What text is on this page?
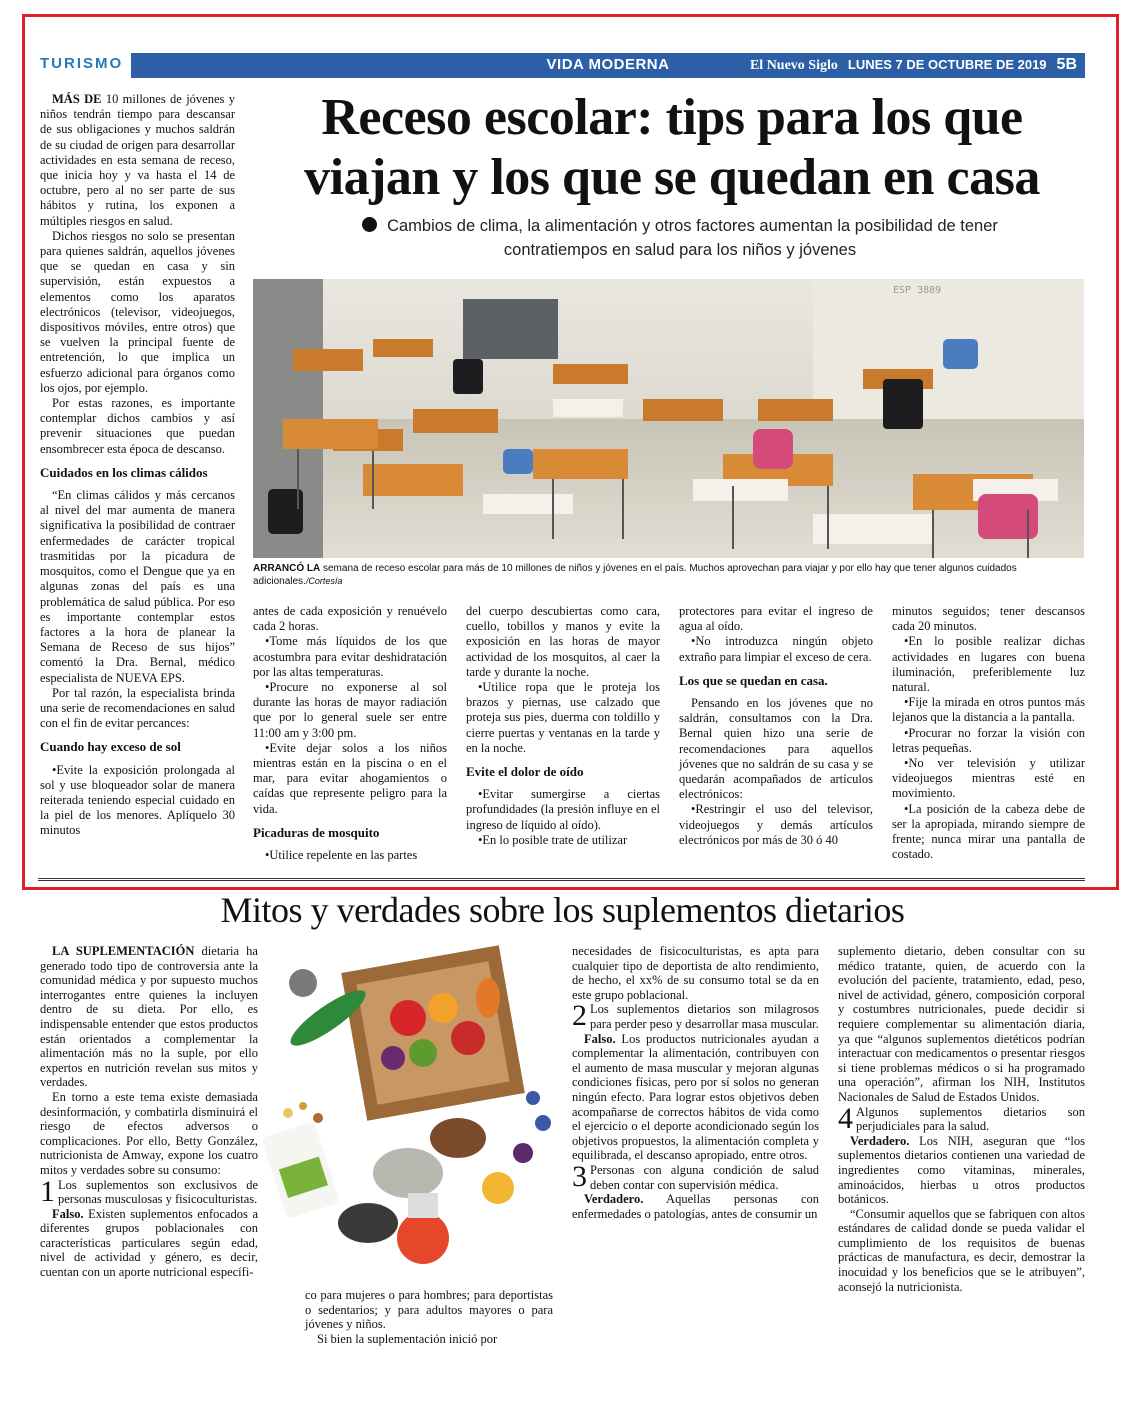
TURISMO	VIDA MODERNA	El Nuevo Siglo LUNES 7 DE OCTUBRE DE 2019 5B

MÁS DE 10 millones de jóvenes y niños tendrán tiempo para descansar de sus obligaciones y muchos saldrán de su ciudad de origen para desarrollar actividades en esta semana de receso, que inicia hoy y va hasta el 14 de octubre, pero al no ser parte de sus hábitos y rutina, los exponen a múltiples riesgos en salud.

Dichos riesgos no solo se presentan para quienes saldrán, aquellos jóvenes que se quedan en casa y sin supervisión, están expuestos a elementos como los aparatos electrónicos (televisor, videojuegos, dispositivos móviles, entre otros) que se vuelven la principal fuente de entretención, lo que implica un esfuerzo adicional para órganos como los ojos, por ejemplo.

Por estas razones, es importante contemplar dichos cambios y así prevenir situaciones que puedan ensombrecer esta época de descanso.

Cuidados en los climas cálidos

“En climas cálidos y más cercanos al nivel del mar aumenta de manera significativa la posibilidad de contraer enfermedades de carácter tropical trasmitidas por la picadura de mosquitos, como el Dengue que ya en algunas zonas del país es una problemática de salud pública. Por eso es importante contemplar estos factores a la hora de planear la Semana de Receso de sus hijos” comentó la Dra. Bernal, médico especialista de NUEVA EPS.

Por tal razón, la especialista brinda una serie de recomendaciones en salud con el fin de evitar percances:

Cuando hay exceso de sol

•Evite la exposición prolongada al sol y use bloqueador solar de manera reiterada teniendo especial cuidado en la piel de los menores. Aplíquelo 30 minutos

Receso escolar: tips para los que viajan y los que se quedan en casa
Cambios de clima, la alimentación y otros factores aumentan la posibilidad de tener contratiempos en salud para los niños y jóvenes
ESP 3889
ARRANCÓ LA semana de receso escolar para más de 10 millones de niños y jóvenes en el país. Muchos aprovechan para viajar y por ello hay que tener algunos cuidados adicionales./Cortesía

antes de cada exposición y renuévelo cada 2 horas.

•Tome más líquidos de los que acostumbra para evitar deshidratación por las altas temperaturas.

•Procure no exponerse al sol durante las horas de mayor radiación que por lo general suele ser entre 11:00 am y 3:00 pm.

•Evite dejar solos a los niños mientras están en la piscina o en el mar, para evitar ahogamientos o caídas que represente peligro para la vida.

Picaduras de mosquito

•Utilice repelente en las partes

del cuerpo descubiertas como cara, cuello, tobillos y manos y evite la exposición en las horas de mayor actividad de los mosquitos, al caer la tarde y durante la noche.

•Utilice ropa que le proteja los brazos y piernas, use calzado que proteja sus pies, duerma con toldillo y cierre puertas y ventanas en la tarde y en la noche.

Evite el dolor de oído

•Evitar sumergirse a ciertas profundidades (la presión influye en el ingreso de líquido al oído).

•En lo posible trate de utilizar

protectores para evitar el ingreso de agua al oído.

•No introduzca ningún objeto extraño para limpiar el exceso de cera.

Los que se quedan en casa.

Pensando en los jóvenes que no saldrán, consultamos con la Dra. Bernal quien hizo una serie de recomendaciones para aquellos jóvenes que no saldrán de su casa y se quedarán acompañados de artículos electrónicos:

•Restringir el uso del televisor, videojuegos y demás artículos electrónicos por más de 30 ó 40

minutos seguidos; tener descansos cada 20 minutos.

•En lo posible realizar dichas actividades en lugares con buena iluminación, preferiblemente luz natural.

•Fije la mirada en otros puntos más lejanos que la distancia a la pantalla.

•Procurar no forzar la visión con letras pequeñas.

•No ver televisión y utilizar videojuegos mientras esté en movimiento.

•La posición de la cabeza debe de ser la apropiada, mirando siempre de frente; nunca mirar una pantalla de costado.

Mitos y verdades sobre los suplementos dietarios

LA SUPLEMENTACIÓN dietaria ha generado todo tipo de controversia ante la comunidad médica y por supuesto muchos interrogantes entre quienes la incluyen dentro de su dieta. Por ello, es indispensable entender que estos productos están orientados a complementar la alimentación más no la suple, por ello expertos en nutrición revelan sus mitos y verdades.

En torno a este tema existe demasiada desinformación, y combatirla disminuirá el riesgo de efectos adversos o complicaciones. Por ello, Betty González, nutricionista de Amway, expone los cuatro mitos y verdades sobre su consumo:

1 Los suplementos son exclusivos de personas musculosas y fisicoculturistas.

Falso. Existen suplementos enfocados a diferentes grupos poblacionales con características particulares según edad, nivel de actividad y género, es decir, cuentan con un aporte nutricional específi-

co para mujeres o para hombres; para deportistas o sedentarios; y para adultos mayores o para jóvenes y niños.

Si bien la suplementación inició por

necesidades de fisicoculturistas, es apta para cualquier tipo de deportista de alto rendimiento, de hecho, el xx% de su consumo total se da en este grupo poblacional.

2 Los suplementos dietarios son milagrosos para perder peso y desarrollar masa muscular.

Falso. Los productos nutricionales ayudan a complementar la alimentación, contribuyen con el aumento de masa muscular y mejoran algunas condiciones físicas, pero por sí solos no generan ningún efecto. Para lograr estos objetivos deben acompañarse de correctos hábitos de vida como el ejercicio o el deporte acondicionado según los objetivos propuestos, la alimentación completa y equilibrada, el descanso apropiado, entre otros.

3 Personas con alguna condición de salud deben contar con supervisión médica.

Verdadero. Aquellas personas con enfermedades o patologías, antes de consumir un

suplemento dietario, deben consultar con su médico tratante, quien, de acuerdo con la evolución del paciente, tratamiento, edad, peso, nivel de actividad, género, composición corporal y costumbres nutricionales, puede decidir si requiere complementar su alimentación diaria, ya que “algunos suplementos dietéticos podrían interactuar con medicamentos o presentar riesgos si tiene problemas médicos o si ha programado una operación”, afirman los NIH, Institutos Nacionales de Salud de Estados Unidos.

4 Algunos suplementos dietarios son perjudiciales para la salud.

Verdadero. Los NIH, aseguran que “los suplementos dietarios contienen una variedad de ingredientes como vitaminas, minerales, aminoácidos, hierbas u otros productos botánicos.

“Consumir aquellos que se fabriquen con altos estándares de calidad donde se pueda validar el cumplimiento de los requisitos de buenas prácticas de manufactura, es decir, demostrar la inocuidad y los beneficios que se le atribuyen”, aconsejó la nutricionista.
